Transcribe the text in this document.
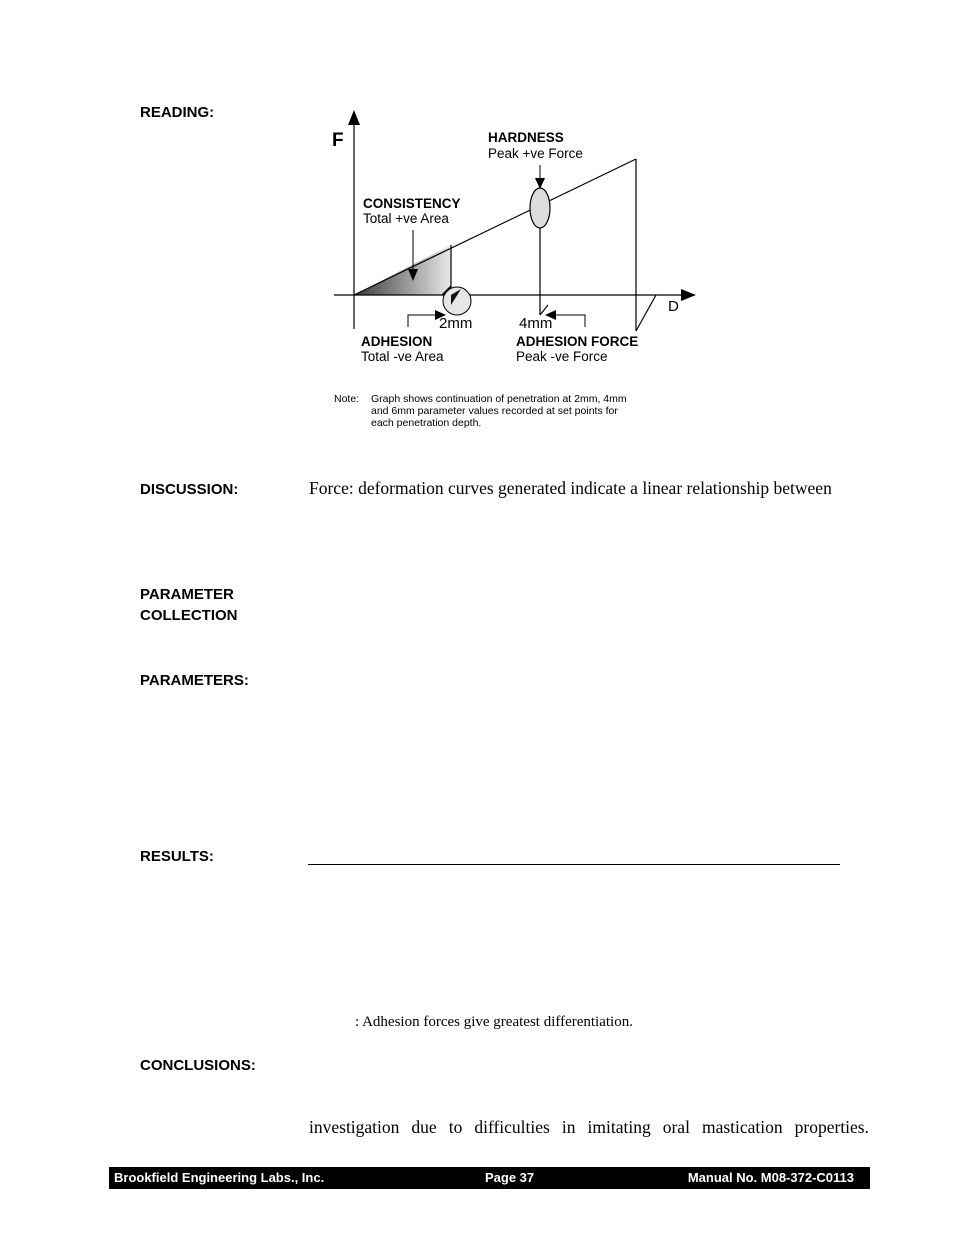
READING:
DISCUSSION:
PARAMETER
COLLECTION
PARAMETERS:
RESULTS:
CONCLUSIONS:
F
D
HARDNESS
Peak +ve Force
CONSISTENCY
Total +ve Area
2mm	4mm
ADHESION
Total -ve Area
ADHESION FORCE
Peak -ve Force
Note: Graph shows continuation of penetration at 2mm, 4mm
and 6mm parameter values recorded at set points for
each penetration depth.
Force: deformation curves generated indicate a linear relationship between
: Adhesion forces give greatest differentiation.
investigation due to difficulties in imitating oral mastication properties.
Brookfield Engineering Labs., Inc.	Page 37	Manual No. M08-372-C0113
